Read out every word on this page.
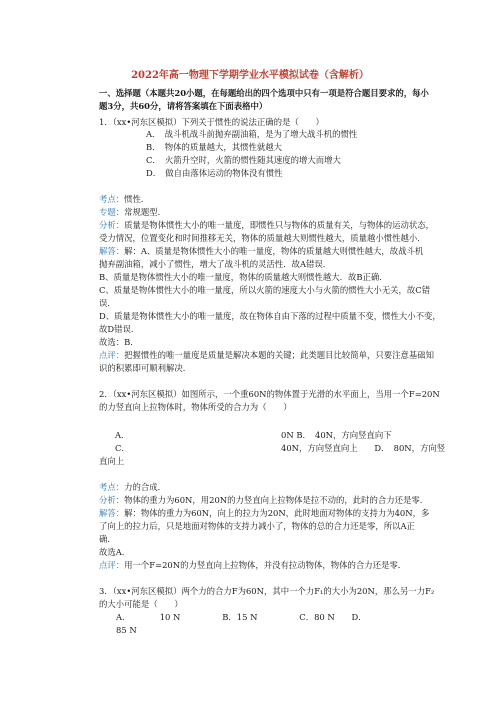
2022年高一物理下学期学业水平模拟试卷（含解析）
一、选择题（本题共20小题，在每题给出的四个选项中只有一项是符合题目要求的，每小
题3分，共60分，请将答案填在下面表格中）
1．（xx•河东区模拟）下列关于惯性的说法正确的是（　　）
A．　战斗机战斗前抛弃副油箱，是为了增大战斗机的惯性
B．　物体的质量越大，其惯性就越大
C．　火箭升空时，火箭的惯性随其速度的增大而增大
D．　做自由落体运动的物体没有惯性
考点：惯性．
专题：常规题型．
分析：质量是物体惯性大小的唯一量度，即惯性只与物体的质量有关，与物体的运动状态，
受力情况，位置变化和时间推移无关，物体的质量越大则惯性越大，质量越小惯性越小．
解答：解：A、质量是物体惯性大小的唯一量度，物体的质量越大则惯性越大，故战斗机
抛弃副油箱，减小了惯性，增大了战斗机的灵活性．故A错误．
B、质量是物体惯性大小的唯一量度，物体的质量越大则惯性越大．故B正确．
C、质量是物体惯性大小的唯一量度，所以火箭的速度大小与火箭的惯性大小无关，故C错
误．
D、质量是物体惯性大小的唯一量度，故在物体自由下落的过程中质量不变，惯性大小不变，
故D错误．
故选：B．
点评：把握惯性的唯一量度是质量是解决本题的关键；此类题目比较简单，只要注意基础知
识的积累即可顺利解决．
2．（xx•河东区模拟）如图所示，一个重60N的物体置于光滑的水平面上，当用一个F=20N
的力竖直向上拉物体时，物体所受的合力为（　　）
A．	0N B．　40N，方向竖直向下
C．	40N，方向竖直向上　　D．　80N，方向竖
直向上
考点：力的合成．
分析：物体的重力为60N，用20N的力竖直向上拉物体是拉不动的，此时的合力还是零．
解答：解：物体的重力为60N，向上的拉力为20N，此时地面对物体的支持力为40N，多
了向上的拉力后，只是地面对物体的支持力减小了，物体的总的合力还是零，所以A正
确．
故选A．
点评：用一个F=20N的力竖直向上拉物体，并没有拉动物体，物体的合力还是零．
3．（xx•河东区模拟）两个力的合力F为60N，其中一个力F₁的大小为20N，那么另一力F₂
的大小可能是（　　）
A．　　　　10 N　　　　　B．15 N　　　　　C．80 N　　D．
85 N
